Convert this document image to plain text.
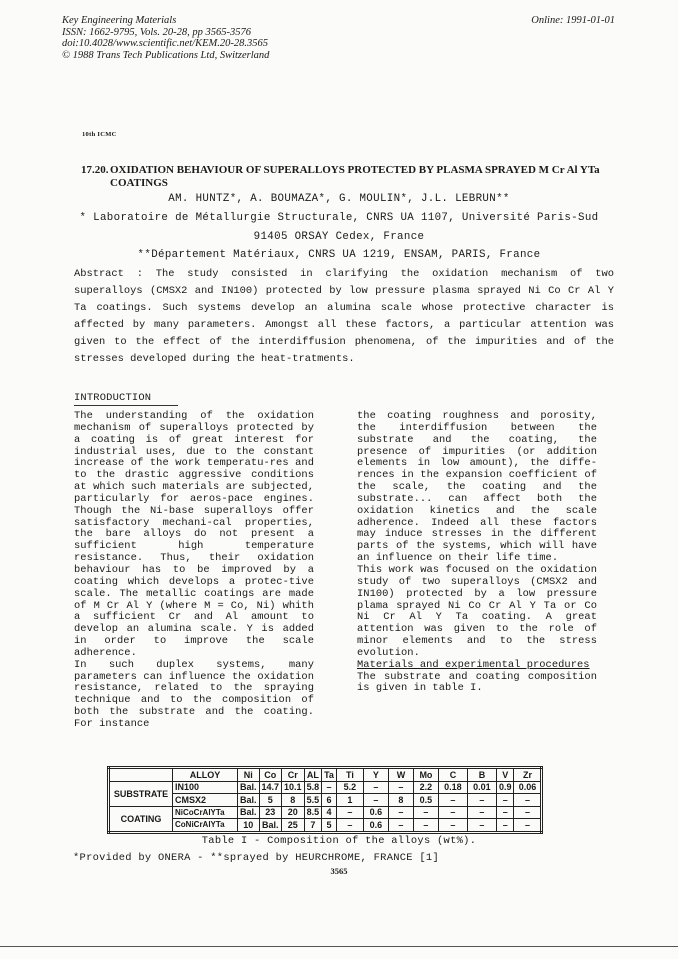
Key Engineering Materials
ISSN: 1662-9795, Vols. 20-28, pp 3565-3576
doi:10.4028/www.scientific.net/KEM.20-28.3565
© 1988 Trans Tech Publications Ltd, Switzerland
Online: 1991-01-01
10th ICMC
17.20. OXIDATION BEHAVIOUR OF SUPERALLOYS PROTECTED BY PLASMA SPRAYED M Cr Al YTa
COATINGS
AM. HUNTZ*, A. BOUMAZA*, G. MOULIN*, J.L. LEBRUN**
* Laboratoire de Métallurgie Structurale, CNRS UA 1107, Université Paris-Sud
91405 ORSAY Cedex, France
**Département Matériaux, CNRS UA 1219, ENSAM, PARIS, France
Abstract : The study consisted in clarifying the oxidation mechanism of two superalloys (CMSX2 and IN100) protected by low pressure plasma sprayed Ni Co Cr Al Y Ta coatings. Such systems develop an alumina scale whose protective character is affected by many parameters. Amongst all these factors, a particular attention was given to the effect of the interdiffusion phenomena, of the impurities and of the stresses developed during the heat-tratments.
INTRODUCTION

The understanding of the oxidation mechanism of superalloys protected by a coating is of great interest for industrial uses, due to the constant increase of the work temperatu-res and to the drastic aggressive conditions at which such materials are subjected, particularly for aeros-pace engines. Though the Ni-base superalloys offer satisfactory mechani-cal properties, the bare alloys do not present a sufficient high temperature resistance. Thus, their oxidation behaviour has to be improved by a coating which develops a protec-tive scale. The metallic coatings are made of M Cr Al Y (where M = Co, Ni) whith a sufficient Cr and Al amount to develop an alumina scale. Y is added in order to improve the scale adherence.

In such duplex systems, many parameters can influence the oxidation resistance, related to the spraying technique and to the composition of both the substrate and the coating. For instance

the coating roughness and porosity, the interdiffusion between the substrate and the coating, the presence of impurities (or addition elements in low amount), the diffe-rences in the expansion coefficient of the scale, the coating and the substrate... can affect both the oxidation kinetics and the scale adherence. Indeed all these factors may induce stresses in the different parts of the systems, which will have an influence on their life time.

This work was focused on the oxidation study of two superalloys (CMSX2 and IN100) protected by a low pressure plama sprayed Ni Co Cr Al Y Ta or Co Ni Cr Al Y Ta coating. A great attention was given to the role of minor elements and to the stress evolution.

Materials and experimental procedures

The substrate and coating composition is given in table I.

	ALLOY	Ni	Co	Cr	AL	Ta	Ti	Y	W	Mo	C	B	V	Zr
SUBSTRATE	IN100	Bal.	14.7	10.1	5.8	–	5.2	–	–	2.2	0.18	0.01	0.9	0.06
	CMSX2	Bal.	5	8	5.5	6	1	–	8	0.5	–	–	–	–
COATING	NiCoCrAlYTa	Bal.	23	20	8.5	4	–	0.6	–	–	–	–	–	–
	CoNiCrAlYTa	10	Bal.	25	7	5	–	0.6	–	–	–	–	–	–
Table I - Composition of the alloys (wt%).
*Provided by ONERA - **sprayed by HEURCHROME, FRANCE [1]
3565
